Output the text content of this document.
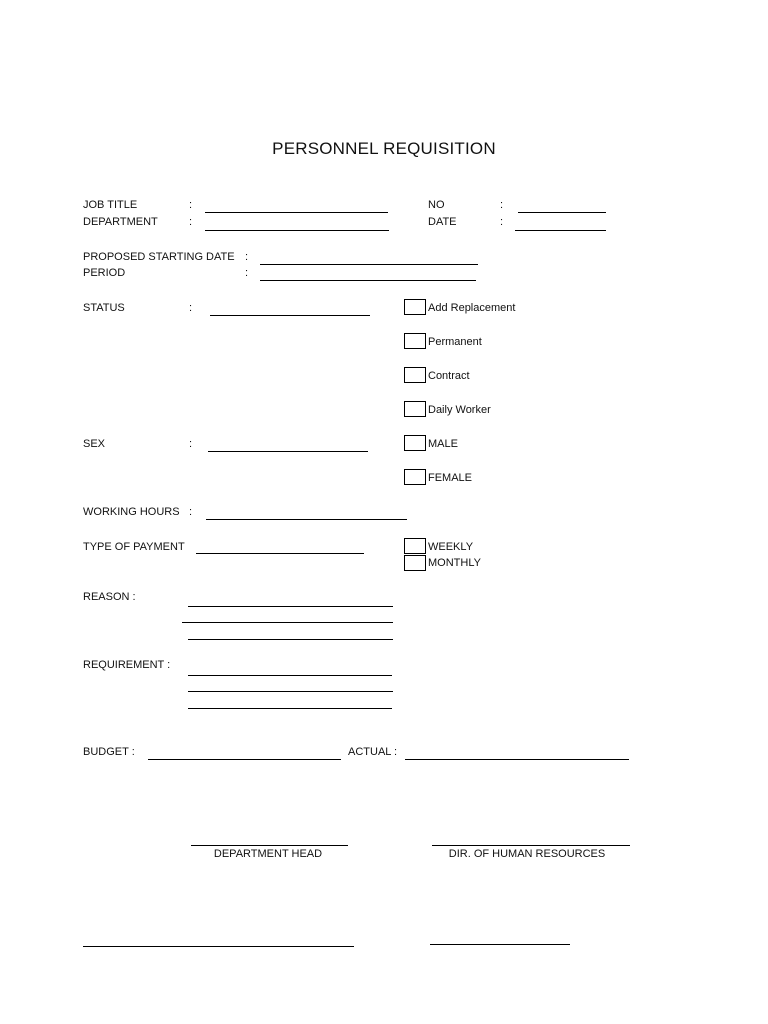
PERSONNEL REQUISITION
JOB TITLE	:
DEPARTMENT	:
NO	:
DATE	:
PROPOSED STARTING DATE :
PERIOD	:
STATUS	:	Add Replacement
Permanent
Contract
Daily Worker
SEX	:	MALE
FEMALE
WORKING HOURS :
TYPE OF PAYMENT	WEEKLY
MONTHLY
REASON :
REQUIREMENT :
BUDGET :	ACTUAL :
DEPARTMENT HEAD	DIR. OF HUMAN RESOURCES
